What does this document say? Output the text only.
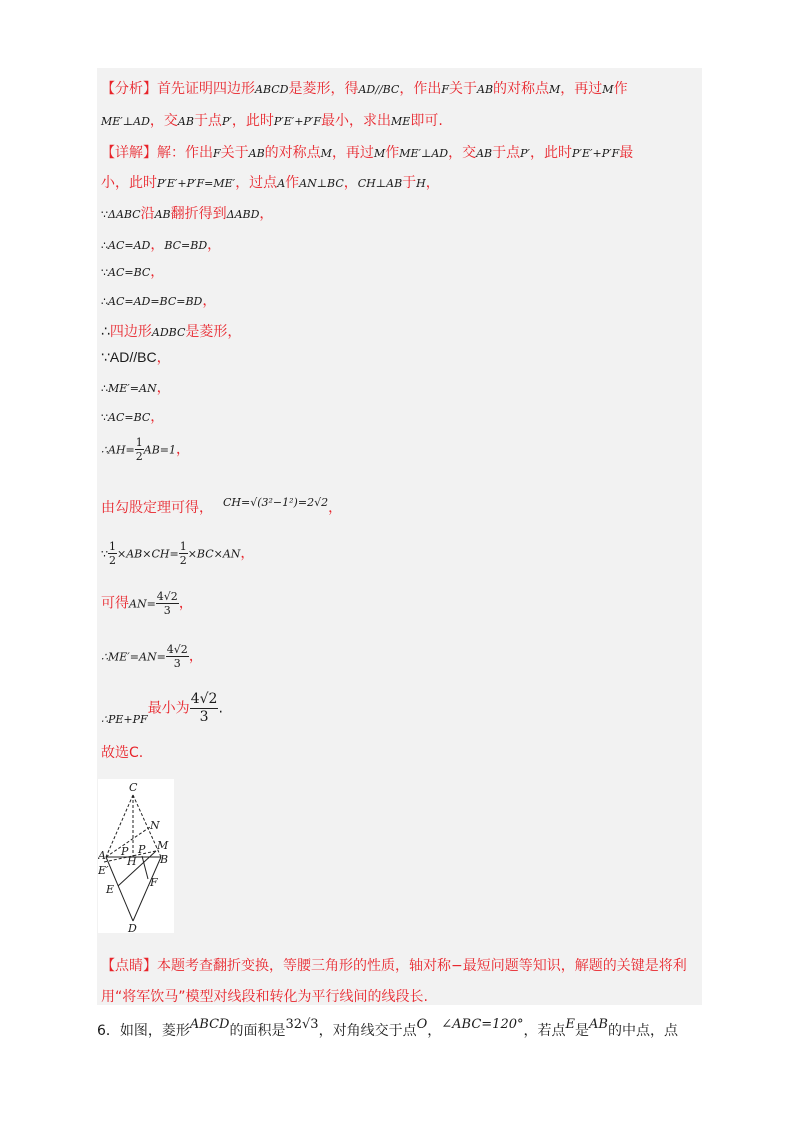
【分析】首先证明四边形ABCD是菱形，得AD//BC，作出F关于AB的对称点M，再过M作
ME′⊥AD，交AB于点P′，此时P′E′+P′F最小，求出ME即可.
【详解】解：作出F关于AB的对称点M，再过M作ME′⊥AD，交AB于点P′，此时P′E′+P′F最
小，此时P′E′+P′F=ME′，过点A作AN⊥BC，CH⊥AB于H，
∵ΔABC沿AB翻折得到ΔABD，
∴AC=AD，BC=BD，
∵AC=BC，
∴AC=AD=BC=BD，
∴四边形ADBC是菱形，
∵AD//BC，
∴ME′=AN，
∵AC=BC，
∴AH= $\frac{1}{2} AB=1$，
由勾股定理可得， $^{CH=√(3^2-1^2)=2√2}$，
∵ $\frac{1}{2} \times AB\times CH= \frac{1}{2} \times BC\times AN$，
可得$AN= \frac{4√2}{3}$ ，
∴ME′=AN= $\frac{4√2}{3}$ ，
$_{\therefore PE+PF}$最小为 $\frac{4√2}{3}$ .
故选C.
C
N
M
A P P
H B
E′
E
F
D
【点睛】本题考查翻折变换，等腰三角形的性质，轴对称−最短问题等知识，解题的关键是将利
用“将军饮马”模型对线段和转化为平行线间的线段长.
6．如图，菱形ABCD的面积是32√3，对角线交于点O，∠ABC=120°，若点E是AB的中点，点
